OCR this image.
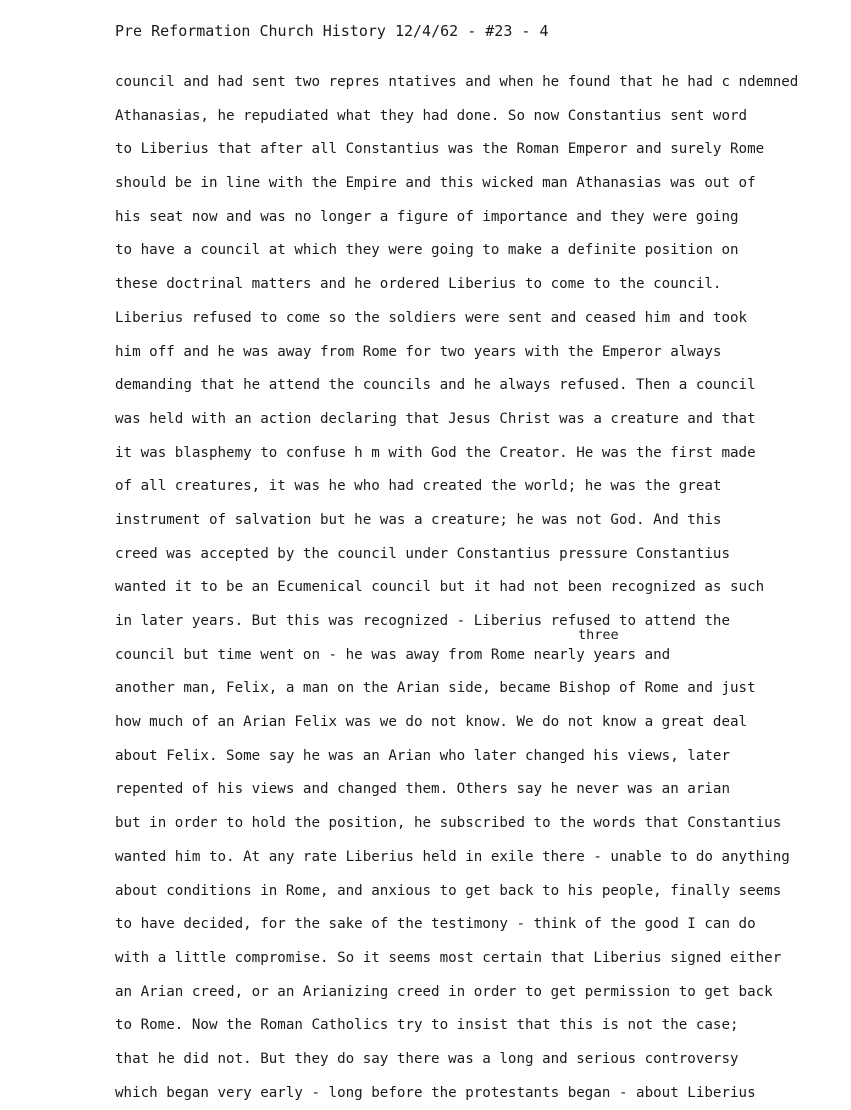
Pre Reformation Church History 12/4/62 - #23 - 4
three
council and had sent two repres ntatives and when he found that he had c ndemned
Athanasias, he repudiated what they had done. So now Constantius sent word
to Liberius that after all Constantius was the Roman Emperor and surely Rome
should be in line with the Empire and this wicked man Athanasias was out of
his seat now and was no longer a figure of importance and they were going
to have a council at which they were going to make a definite position on
these doctrinal matters and he ordered Liberius to come to the council.
Liberius refused to come so the soldiers were sent and ceased him and took
him off and he was away from Rome for two years with the Emperor always
demanding that he attend the councils and he always refused. Then a council
was held with an action declaring that Jesus Christ was a creature and that
it was blasphemy to confuse h m with God the Creator. He was the first made
of all creatures, it was he who had created the world; he was the great
instrument of salvation but he was a creature; he was not God. And this
creed was accepted by the council under Constantius pressure Constantius
wanted it to be an Ecumenical council but it had not been recognized as such
in later years. But this was recognized - Liberius refused to attend the
council but time went on - he was away from Rome nearly years and
another man, Felix, a man on the Arian side, became Bishop of Rome and just
how much of an Arian Felix was we do not know. We do not know a great deal
about Felix. Some say he was an Arian who later changed his views, later
repented of his views and changed them. Others say he never was an arian
but in order to hold the position, he subscribed to the words that Constantius
wanted him to. At any rate Liberius held in exile there - unable to do anything
about conditions in Rome, and anxious to get back to his people, finally seems
to have decided, for the sake of the testimony - think of the good I can do
with a little compromise. So it seems most certain that Liberius signed either
an Arian creed, or an Arianizing creed in order to get permission to get back
to Rome. Now the Roman Catholics try to insist that this is not the case;
that he did not. But they do say there was a long and serious controversy
which began very early - long before the protestants began - about Liberius
